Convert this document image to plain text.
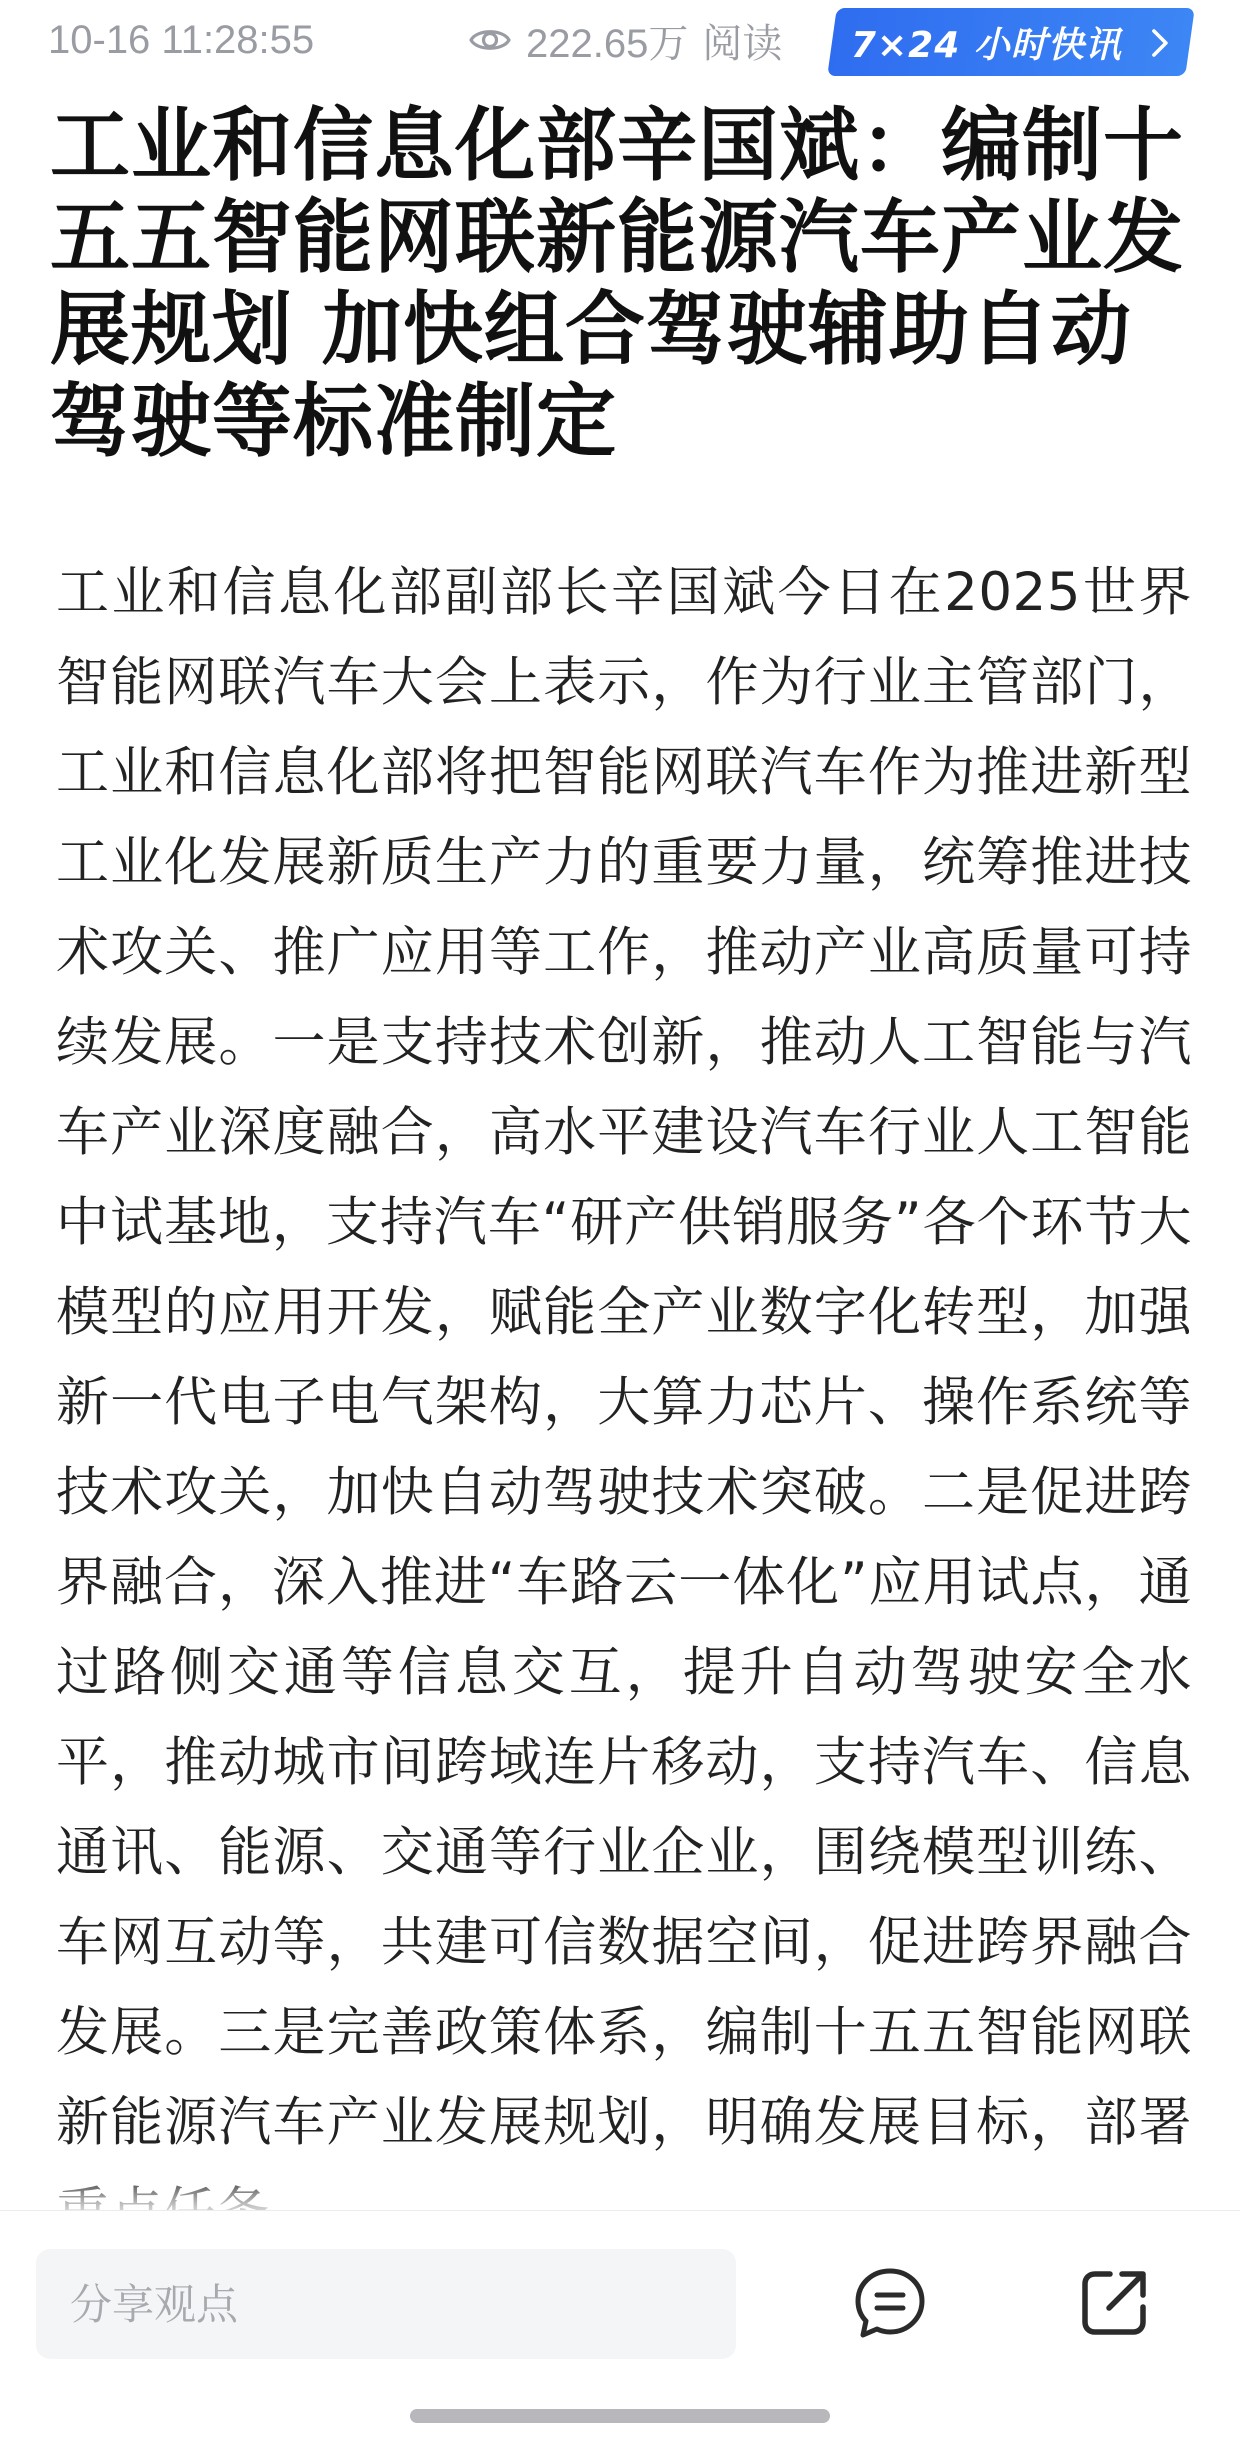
10-16 11:28:55	222.65万 阅读 7×24 小时快讯
工业和信息化部辛国斌：编制十五五智能网联新能源汽车产业发展规划 加快组合驾驶辅助自动驾驶等标准制定

工业和信息化部副部长辛国斌今日在2025世界智能网联汽车大会上表示，作为行业主管部门，工业和信息化部将把智能网联汽车作为推进新型工业化发展新质生产力的重要力量，统筹推进技术攻关、推广应用等工作，推动产业高质量可持续发展。一是支持技术创新，推动人工智能与汽车产业深度融合，高水平建设汽车行业人工智能中试基地，支持汽车“研产供销服务”各个环节大模型的应用开发，赋能全产业数字化转型，加强新一代电子电气架构，大算力芯片、操作系统等技术攻关，加快自动驾驶技术突破。二是促进跨界融合，深入推进“车路云一体化”应用试点，通过路侧交通等信息交互，提升自动驾驶安全水平，推动城市间跨域连片移动，支持汽车、信息通讯、能源、交通等行业企业，围绕模型训练、车网互动等，共建可信数据空间，促进跨界融合发展。三是完善政策体系，编制十五五智能网联新能源汽车产业发展规划，明确发展目标，部署

分享观点
